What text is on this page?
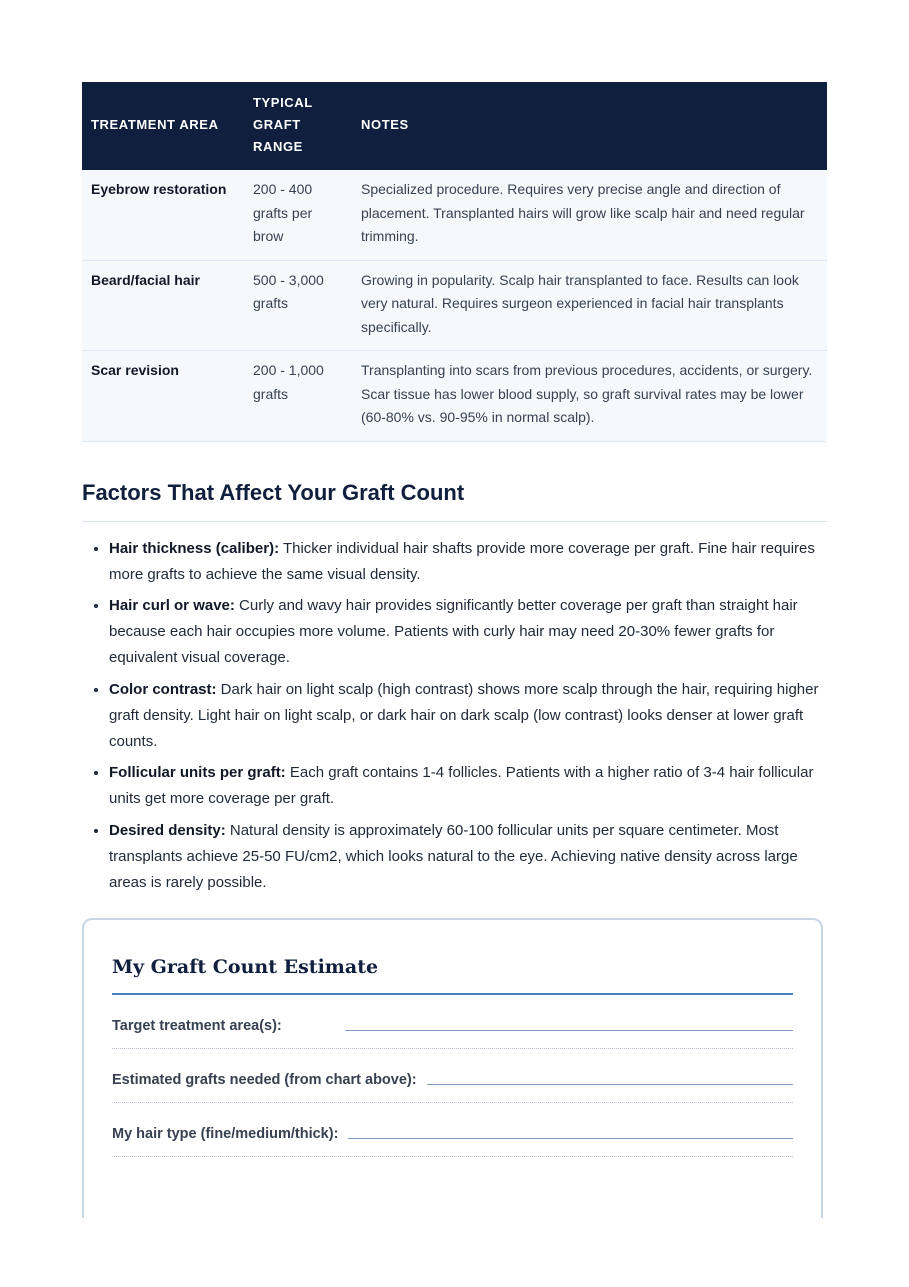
TREATMENT AREA	TYPICAL GRAFT RANGE	NOTES
Eyebrow restoration	200 - 400 grafts per brow	Specialized procedure. Requires very precise angle and direction of placement. Transplanted hairs will grow like scalp hair and need regular trimming.
Beard/facial hair	500 - 3,000 grafts	Growing in popularity. Scalp hair transplanted to face. Results can look very natural. Requires surgeon experienced in facial hair transplants specifically.
Scar revision	200 - 1,000 grafts	Transplanting into scars from previous procedures, accidents, or surgery. Scar tissue has lower blood supply, so graft survival rates may be lower (60-80% vs. 90-95% in normal scalp).
Factors That Affect Your Graft Count
• Hair thickness (caliber): Thicker individual hair shafts provide more coverage per graft. Fine hair requires more grafts to achieve the same visual density.
• Hair curl or wave: Curly and wavy hair provides significantly better coverage per graft than straight hair because each hair occupies more volume. Patients with curly hair may need 20-30% fewer grafts for equivalent visual coverage.
• Color contrast: Dark hair on light scalp (high contrast) shows more scalp through the hair, requiring higher graft density. Light hair on light scalp, or dark hair on dark scalp (low contrast) looks denser at lower graft counts.
• Follicular units per graft: Each graft contains 1-4 follicles. Patients with a higher ratio of 3-4 hair follicular units get more coverage per graft.
• Desired density: Natural density is approximately 60-100 follicular units per square centimeter. Most transplants achieve 25-50 FU/cm2, which looks natural to the eye. Achieving native density across large areas is rarely possible.
My Graft Count Estimate
Target treatment area(s):
Estimated grafts needed (from chart above):
My hair type (fine/medium/thick):
